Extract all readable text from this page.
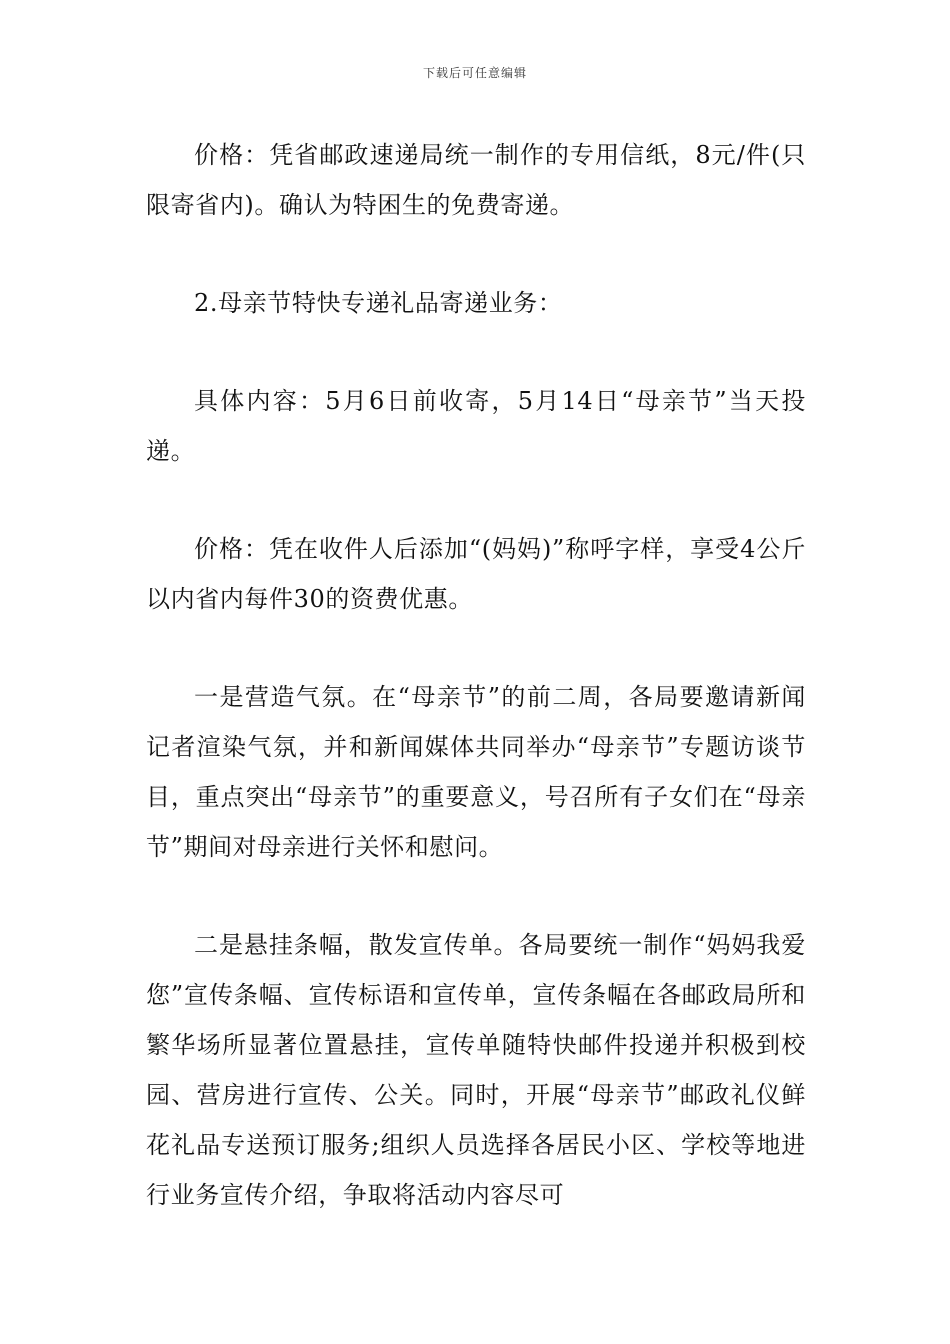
下载后可任意编辑

价格：凭省邮政速递局统一制作的专用信纸，8元/件(只限寄省内)。确认为特困生的免费寄递。

2.母亲节特快专递礼品寄递业务：

具体内容：5月6日前收寄，5月14日“母亲节”当天投递。

价格：凭在收件人后添加“(妈妈)”称呼字样，享受4公斤以内省内每件30的资费优惠。

一是营造气氛。在“母亲节”的前二周，各局要邀请新闻记者渲染气氛，并和新闻媒体共同举办“母亲节”专题访谈节目，重点突出“母亲节”的重要意义，号召所有子女们在“母亲节”期间对母亲进行关怀和慰问。

二是悬挂条幅，散发宣传单。各局要统一制作“妈妈我爱您”宣传条幅、宣传标语和宣传单，宣传条幅在各邮政局所和繁华场所显著位置悬挂，宣传单随特快邮件投递并积极到校园、营房进行宣传、公关。同时，开展“母亲节”邮政礼仪鲜花礼品专送预订服务;组织人员选择各居民小区、学校等地进行业务宣传介绍，争取将活动内容尽可
